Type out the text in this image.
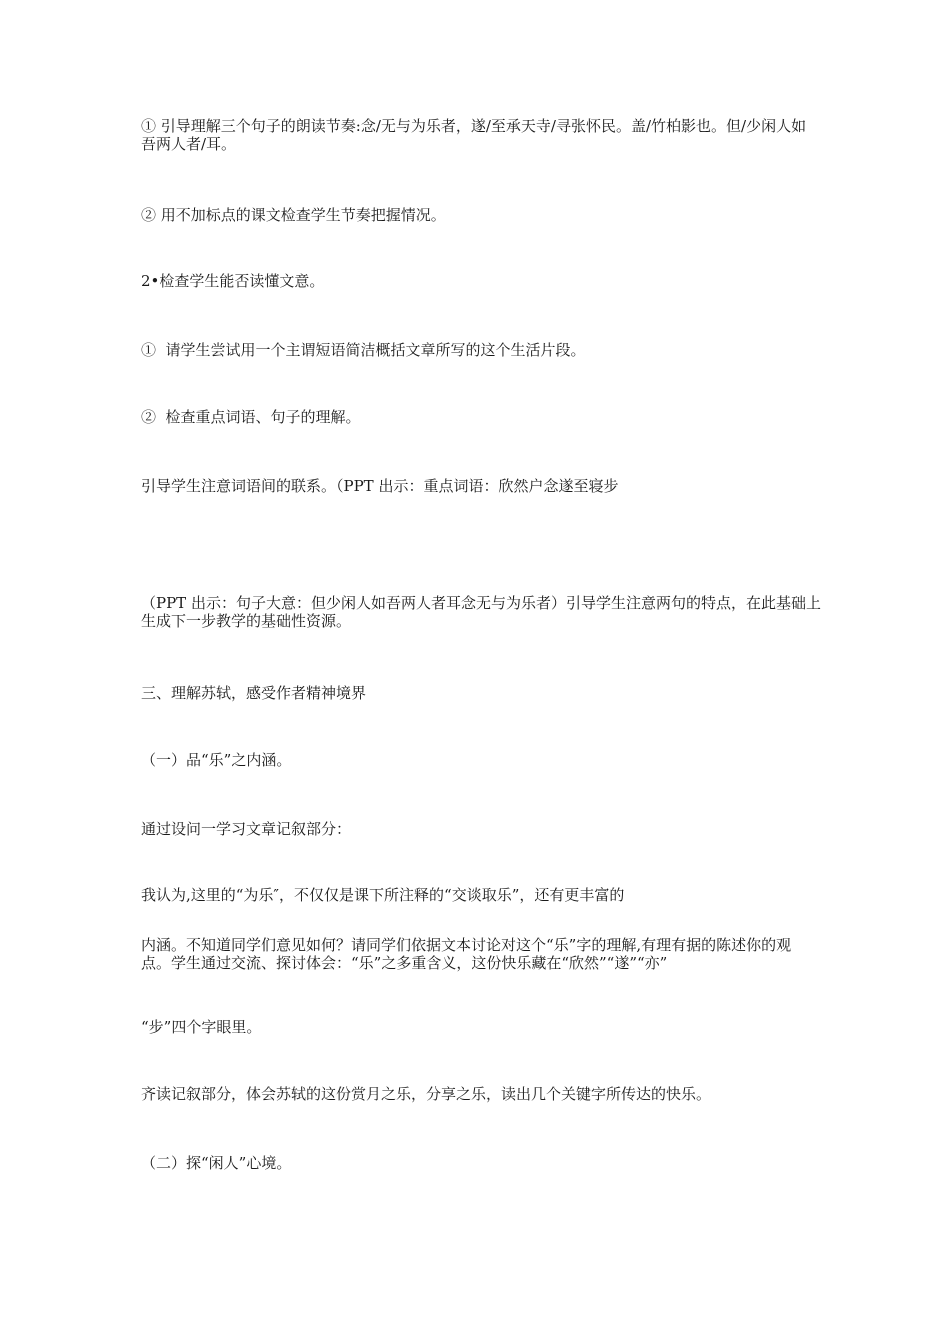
① 引导理解三个句子的朗读节奏:念/无与为乐者，遂/至承天寺/寻张怀民。盖/竹柏影也。但/少闲人如吾两人者/耳。

② 用不加标点的课文检查学生节奏把握情况。

2•检查学生能否读懂文意。

①  请学生尝试用一个主谓短语简洁概括文章所写的这个生活片段。

②  检查重点词语、句子的理解。

引导学生注意词语间的联系。（PPT 出示：重点词语：欣然户念遂至寝步

（PPT 出示：句子大意：但少闲人如吾两人者耳念无与为乐者）引导学生注意两句的特点，在此基础上生成下一步教学的基础性资源。

三、理解苏轼，感受作者精神境界

（一）品“乐”之内涵。

通过设问一学习文章记叙部分：

我认为,这里的“为乐″，不仅仅是课下所注释的“交谈取乐”，还有更丰富的

内涵。不知道同学们意见如何？请同学们依据文本讨论对这个“乐”字的理解,有理有据的陈述你的观点。学生通过交流、探讨体会：“乐”之多重含义，这份快乐藏在“欣然”“遂”“亦”

“步”四个字眼里。

齐读记叙部分，体会苏轼的这份赏月之乐，分享之乐，读出几个关键字所传达的快乐。

（二）探“闲人”心境。
